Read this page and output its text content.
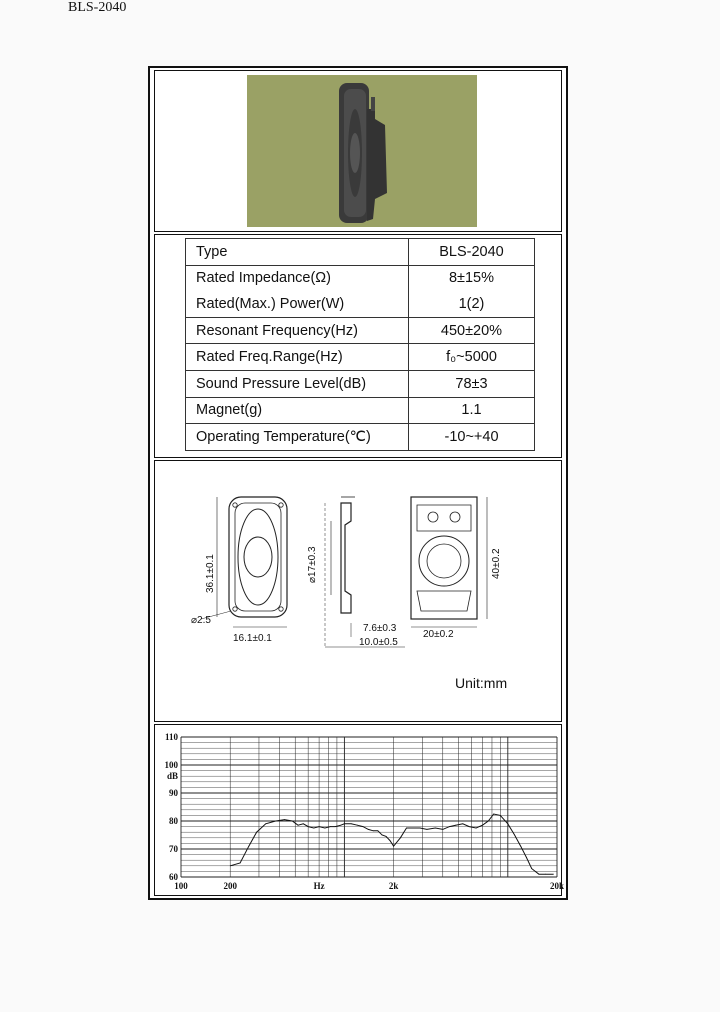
BLS-2040
Type	BLS-2040
Rated Impedance(Ω)	8±15%
Rated(Max.) Power(W)	1(2)
Resonant Frequency(Hz)	450±20%
Rated Freq.Range(Hz)	f₀~5000
Sound Pressure Level(dB)	78±3
Magnet(g)	1.1
Operating Temperature(℃)	-10~+40
36.1±0.1
⌀2.5
16.1±0.1
⌀17±0.3
7.6±0.3
10.0±0.5
40±0.2
20±0.2
Unit:mm
110
100
90
80
70
60
dB
100	200	Hz	2k	20k
